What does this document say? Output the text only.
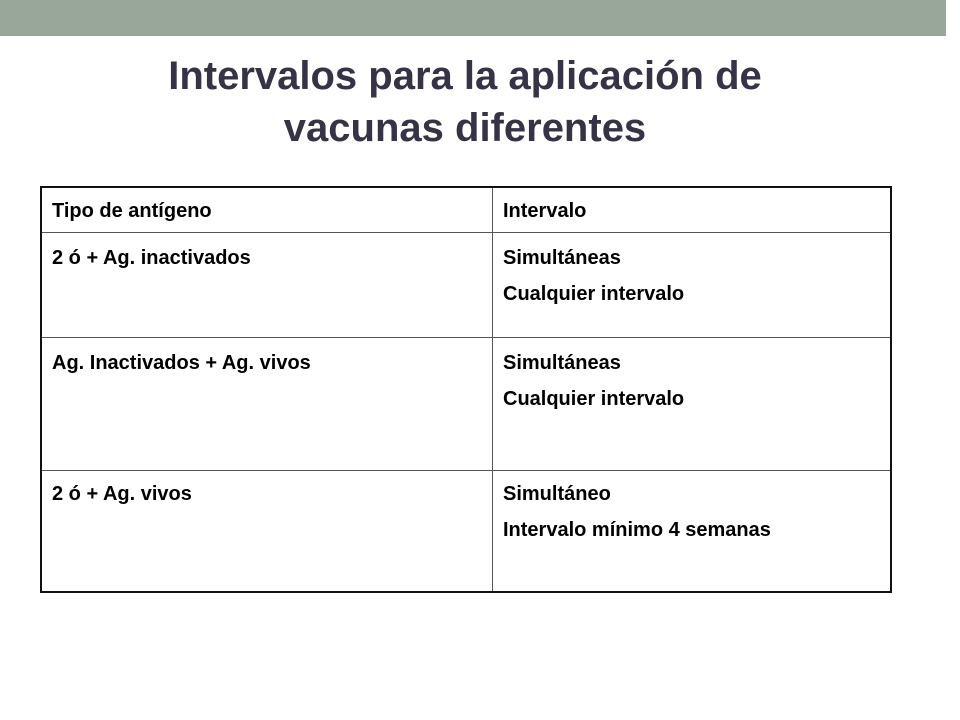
Intervalos para la aplicación de
vacunas diferentes
Tipo de antígeno	Intervalo
2 ó + Ag. inactivados	Simultáneas
Cualquier intervalo

Ag. Inactivados + Ag. vivos	Simultáneas
Cualquier intervalo

2 ó + Ag. vivos	Simultáneo
Intervalo mínimo 4 semanas
